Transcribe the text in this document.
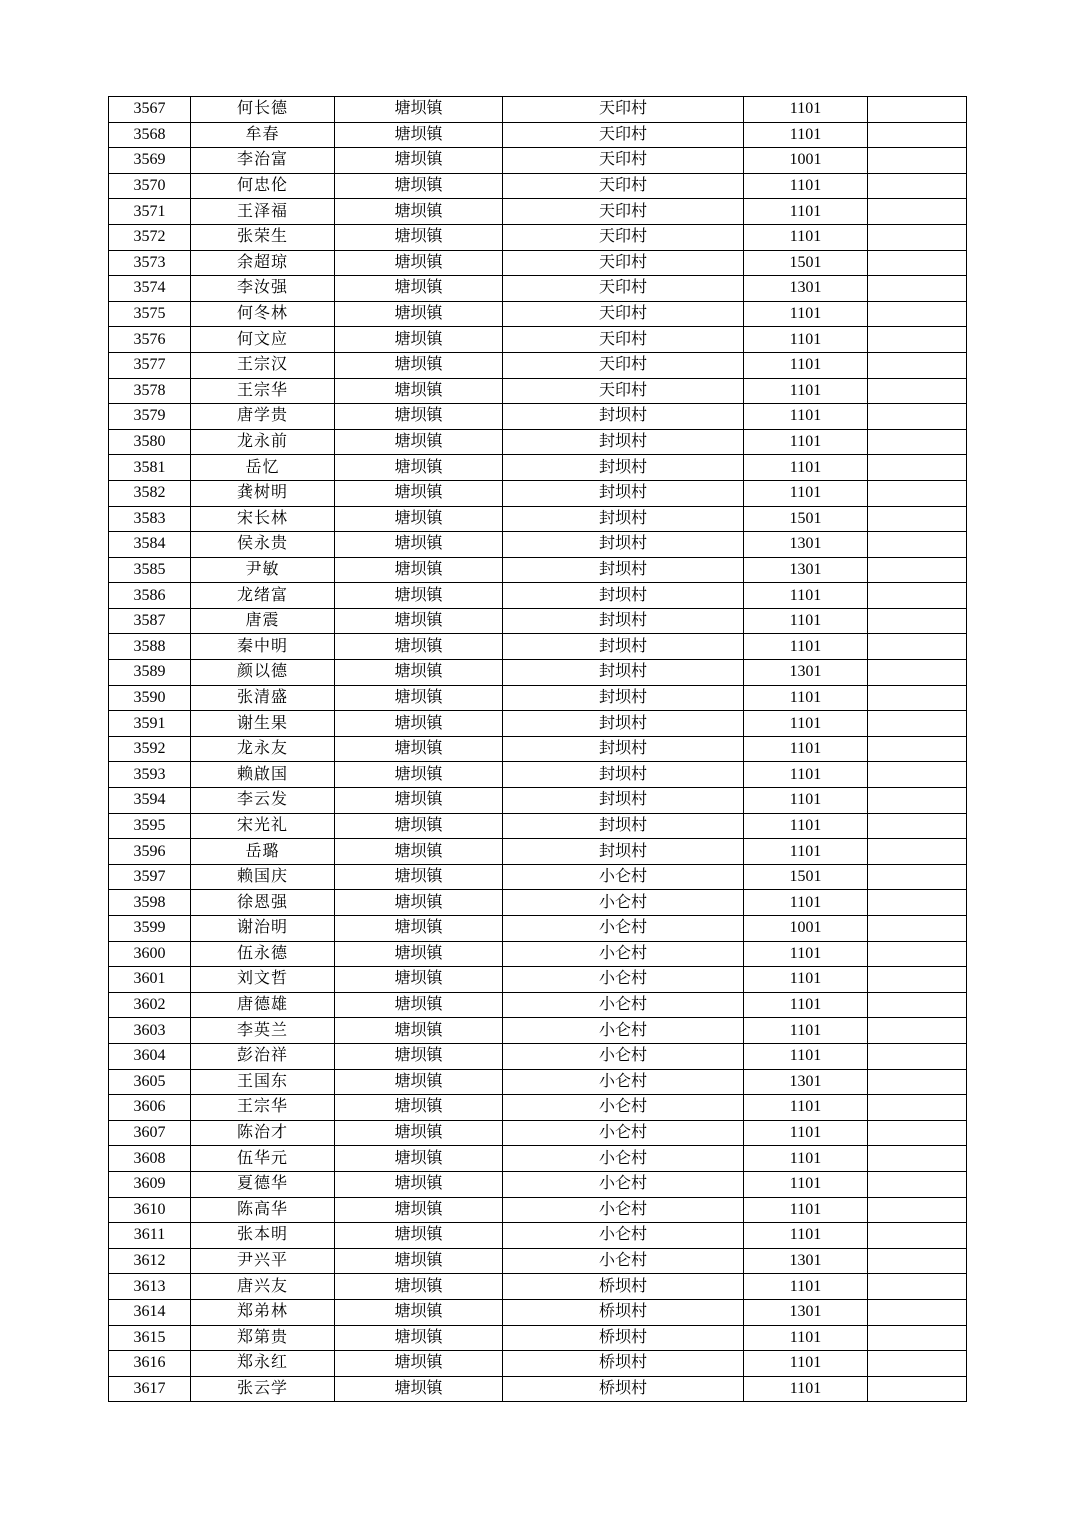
3567	何长德	塘坝镇	天印村	1101	
3568	牟春	塘坝镇	天印村	1101	
3569	李治富	塘坝镇	天印村	1001	
3570	何忠伦	塘坝镇	天印村	1101	
3571	王泽福	塘坝镇	天印村	1101	
3572	张荣生	塘坝镇	天印村	1101	
3573	余超琼	塘坝镇	天印村	1501	
3574	李汝强	塘坝镇	天印村	1301	
3575	何冬林	塘坝镇	天印村	1101	
3576	何文应	塘坝镇	天印村	1101	
3577	王宗汉	塘坝镇	天印村	1101	
3578	王宗华	塘坝镇	天印村	1101	
3579	唐学贵	塘坝镇	封坝村	1101	
3580	龙永前	塘坝镇	封坝村	1101	
3581	岳忆	塘坝镇	封坝村	1101	
3582	龚树明	塘坝镇	封坝村	1101	
3583	宋长林	塘坝镇	封坝村	1501	
3584	侯永贵	塘坝镇	封坝村	1301	
3585	尹敏	塘坝镇	封坝村	1301	
3586	龙绪富	塘坝镇	封坝村	1101	
3587	唐震	塘坝镇	封坝村	1101	
3588	秦中明	塘坝镇	封坝村	1101	
3589	颜以德	塘坝镇	封坝村	1301	
3590	张清盛	塘坝镇	封坝村	1101	
3591	谢生果	塘坝镇	封坝村	1101	
3592	龙永友	塘坝镇	封坝村	1101	
3593	赖啟国	塘坝镇	封坝村	1101	
3594	李云发	塘坝镇	封坝村	1101	
3595	宋光礼	塘坝镇	封坝村	1101	
3596	岳璐	塘坝镇	封坝村	1101	
3597	赖国庆	塘坝镇	小仑村	1501	
3598	徐恩强	塘坝镇	小仑村	1101	
3599	谢治明	塘坝镇	小仑村	1001	
3600	伍永德	塘坝镇	小仑村	1101	
3601	刘文哲	塘坝镇	小仑村	1101	
3602	唐德雄	塘坝镇	小仑村	1101	
3603	李英兰	塘坝镇	小仑村	1101	
3604	彭治祥	塘坝镇	小仑村	1101	
3605	王国东	塘坝镇	小仑村	1301	
3606	王宗华	塘坝镇	小仑村	1101	
3607	陈治才	塘坝镇	小仑村	1101	
3608	伍华元	塘坝镇	小仑村	1101	
3609	夏德华	塘坝镇	小仑村	1101	
3610	陈高华	塘坝镇	小仑村	1101	
3611	张本明	塘坝镇	小仑村	1101	
3612	尹兴平	塘坝镇	小仑村	1301	
3613	唐兴友	塘坝镇	桥坝村	1101	
3614	郑弟林	塘坝镇	桥坝村	1301	
3615	郑第贵	塘坝镇	桥坝村	1101	
3616	郑永红	塘坝镇	桥坝村	1101	
3617	张云学	塘坝镇	桥坝村	1101	
